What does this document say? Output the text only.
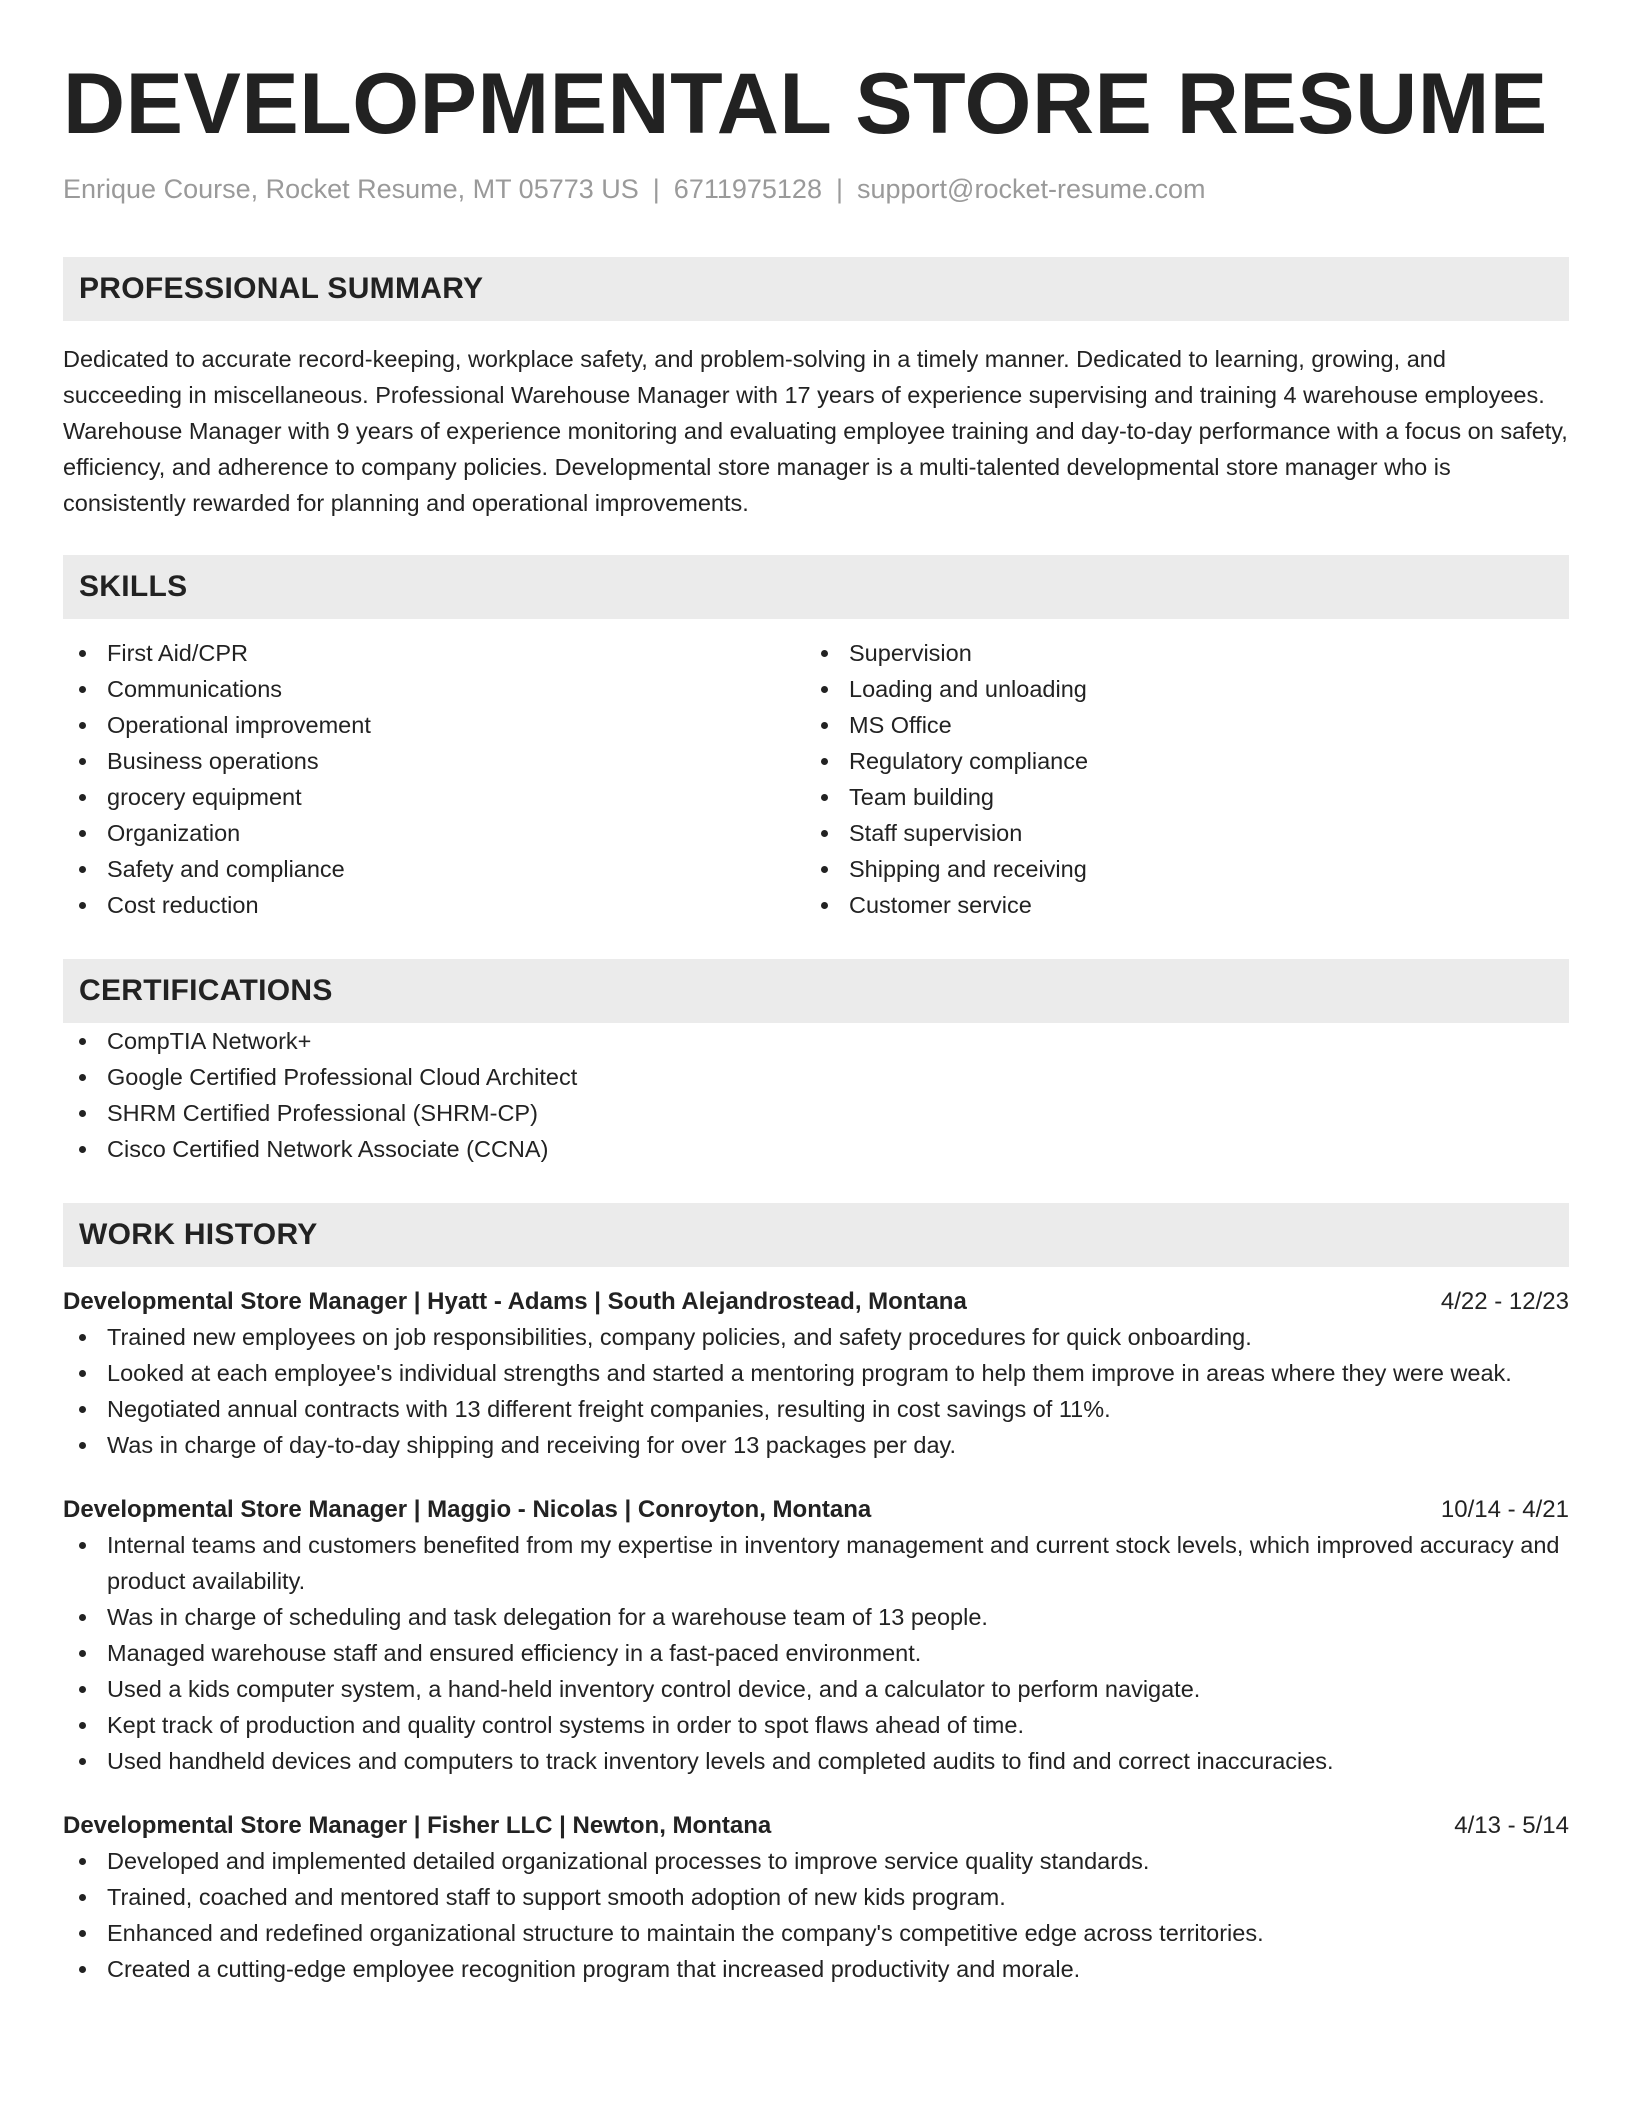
DEVELOPMENTAL STORE RESUME
Enrique Course, Rocket Resume, MT 05773 US | 6711975128 | support@rocket-resume.com
PROFESSIONAL SUMMARY

Dedicated to accurate record-keeping, workplace safety, and problem-solving in a timely manner. Dedicated to learning, growing, and succeeding in miscellaneous. Professional Warehouse Manager with 17 years of experience supervising and training 4 warehouse employees. Warehouse Manager with 9 years of experience monitoring and evaluating employee training and day-to-day performance with a focus on safety, efficiency, and adherence to company policies. Developmental store manager is a multi-talented developmental store manager who is consistently rewarded for planning and operational improvements.

SKILLS
First Aid/CPR
Communications
Operational improvement
Business operations
grocery equipment
Organization
Safety and compliance
Cost reduction
Supervision
Loading and unloading
MS Office
Regulatory compliance
Team building
Staff supervision
Shipping and receiving
Customer service
CERTIFICATIONS
CompTIA Network+
Google Certified Professional Cloud Architect
SHRM Certified Professional (SHRM-CP)
Cisco Certified Network Associate (CCNA)
WORK HISTORY
Developmental Store Manager | Hyatt - Adams | South Alejandrostead, Montana	4/22 - 12/23
Trained new employees on job responsibilities, company policies, and safety procedures for quick onboarding.
Looked at each employee's individual strengths and started a mentoring program to help them improve in areas where they were weak.
Negotiated annual contracts with 13 different freight companies, resulting in cost savings of 11%.
Was in charge of day-to-day shipping and receiving for over 13 packages per day.
Developmental Store Manager | Maggio - Nicolas | Conroyton, Montana	10/14 - 4/21
Internal teams and customers benefited from my expertise in inventory management and current stock levels, which improved accuracy and product availability.
Was in charge of scheduling and task delegation for a warehouse team of 13 people.
Managed warehouse staff and ensured efficiency in a fast-paced environment.
Used a kids computer system, a hand-held inventory control device, and a calculator to perform navigate.
Kept track of production and quality control systems in order to spot flaws ahead of time.
Used handheld devices and computers to track inventory levels and completed audits to find and correct inaccuracies.
Developmental Store Manager | Fisher LLC | Newton, Montana	4/13 - 5/14
Developed and implemented detailed organizational processes to improve service quality standards.
Trained, coached and mentored staff to support smooth adoption of new kids program.
Enhanced and redefined organizational structure to maintain the company's competitive edge across territories.
Created a cutting-edge employee recognition program that increased productivity and morale.
